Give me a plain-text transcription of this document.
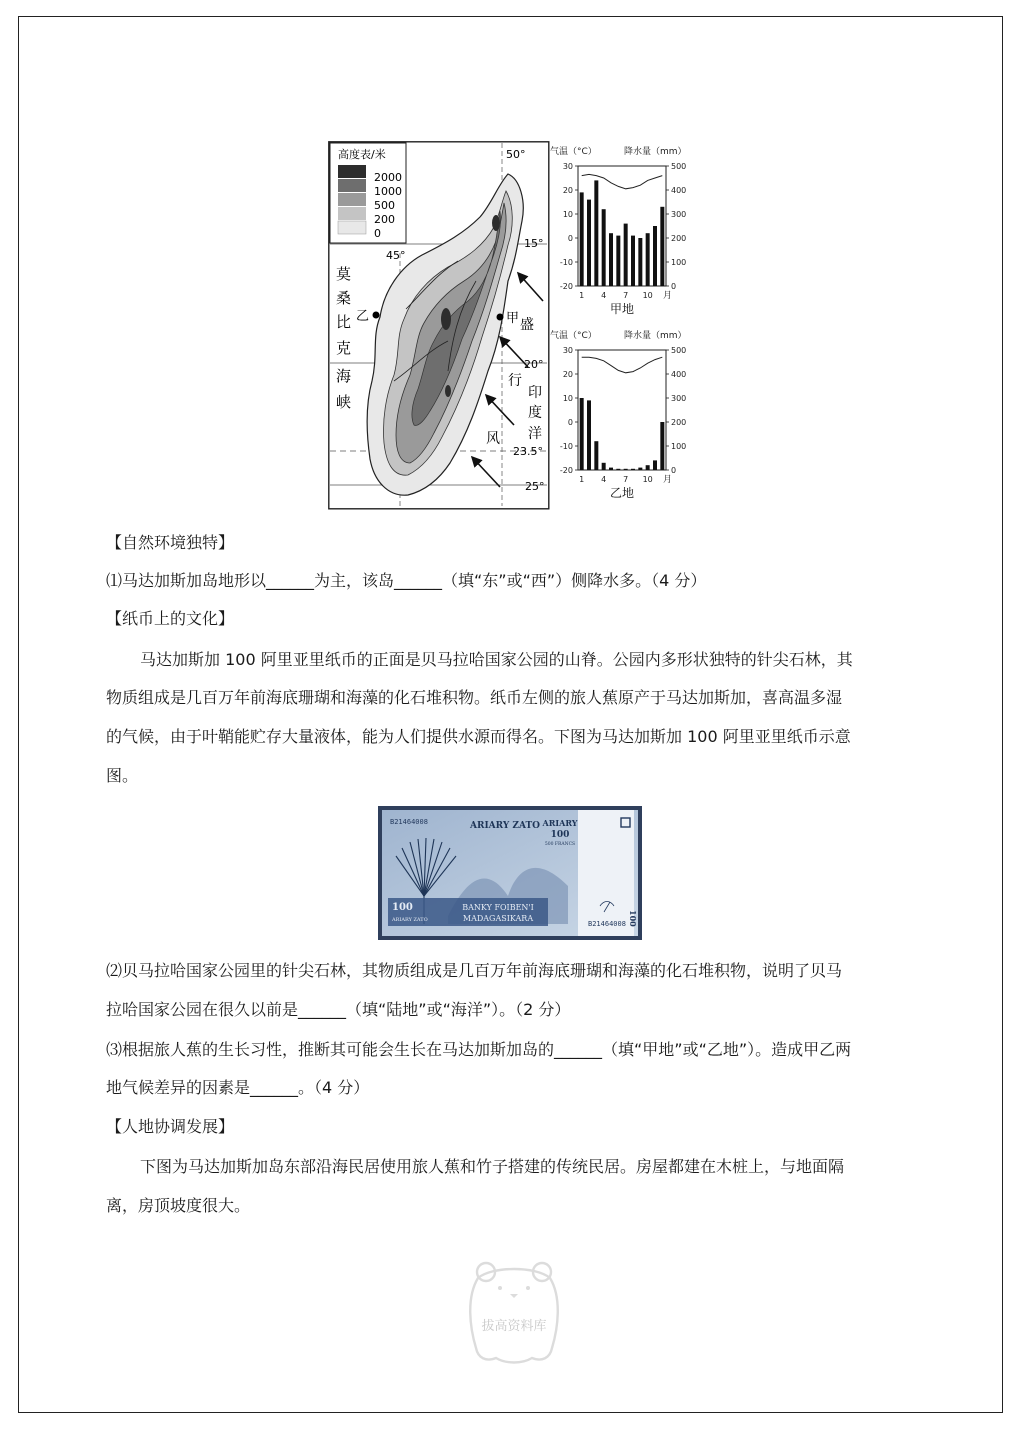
高度表/米
2000
1000
500
200
0
50°
45°
15°
20°
23.5°
25°
莫
桑
比
克
海
峡	印
度
洋
盛
行
风
甲
乙
气温（°C）	降水量（mm）
30
20
10
0
-10
-20
500
400
300
200
100
0
1 4 7 10 月
甲地
气温（°C）	降水量（mm）
30
20
10
0
-10
-20
500
400
300
200
100
0
1 4 7 10 月
乙地
【自然环境独特】
⑴马达加斯加岛地形以______为主，该岛______（填“东”或“西”）侧降水多。（4 分）
【纸币上的文化】
马达加斯加 100 阿里亚里纸币的正面是贝马拉哈国家公园的山脊。公园内多形状独特的针尖石林，其
物质组成是几百万年前海底珊瑚和海藻的化石堆积物。纸币左侧的旅人蕉原产于马达加斯加，喜高温多湿
的气候，由于叶鞘能贮存大量液体，能为人们提供水源而得名。下图为马达加斯加 100 阿里亚里纸币示意
图。
B21464008	ARIARY ZATO ARIARY
100
500 FRANCS
100
ARIARY ZATO
BANKY FOIBEN'I
MADAGASIKARA
B21464008 100
⑵贝马拉哈国家公园里的针尖石林，其物质组成是几百万年前海底珊瑚和海藻的化石堆积物，说明了贝马
拉哈国家公园在很久以前是______（填“陆地”或“海洋”）。（2 分）
⑶根据旅人蕉的生长习性，推断其可能会生长在马达加斯加岛的______（填“甲地”或“乙地”）。造成甲乙两
地气候差异的因素是______。（4 分）
【人地协调发展】
下图为马达加斯加岛东部沿海民居使用旅人蕉和竹子搭建的传统民居。房屋都建在木桩上，与地面隔
离，房顶坡度很大。
拔高资料库
